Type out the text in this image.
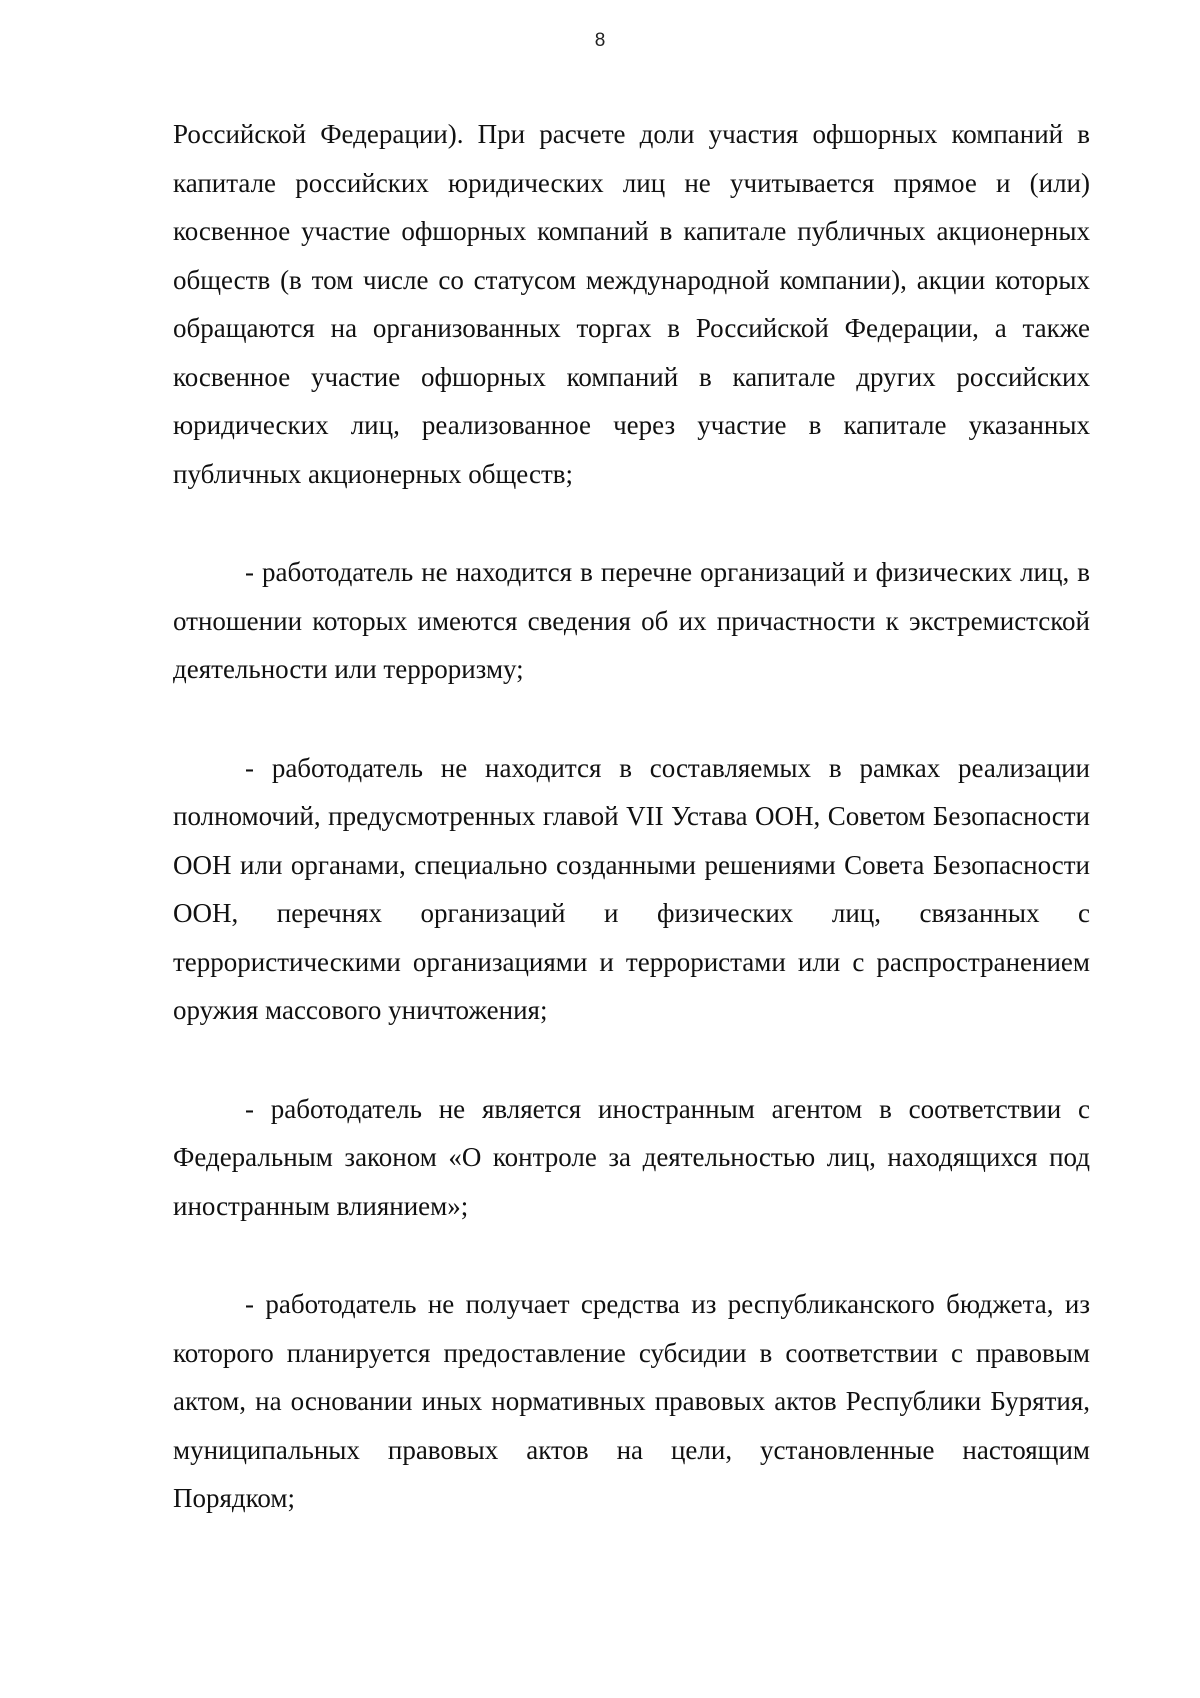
8

Российской Федерации). При расчете доли участия офшорных компаний в капитале российских юридических лиц не учитывается прямое и (или) косвенное участие офшорных компаний в капитале публичных акционерных обществ (в том числе со статусом международной компании), акции которых обращаются на организованных торгах в Российской Федерации, а также косвенное участие офшорных компаний в капитале других российских юридических лиц, реализованное через участие в капитале указанных публичных акционерных обществ;

- работодатель не находится в перечне организаций и физических лиц, в отношении которых имеются сведения об их причастности к экстремистской деятельности или терроризму;

- работодатель не находится в составляемых в рамках реализации полномочий, предусмотренных главой VII Устава ООН, Советом Безопасности ООН или органами, специально созданными решениями Совета Безопасности ООН, перечнях организаций и физических лиц, связанных с террористическими организациями и террористами или с распространением оружия массового уничтожения;

- работодатель не является иностранным агентом в соответствии с Федеральным законом «О контроле за деятельностью лиц, находящихся под иностранным влиянием»;

- работодатель не получает средства из республиканского бюджета, из которого планируется предоставление субсидии в соответствии с правовым актом, на основании иных нормативных правовых актов Республики Бурятия, муниципальных правовых актов на цели, установленные настоящим Порядком;
